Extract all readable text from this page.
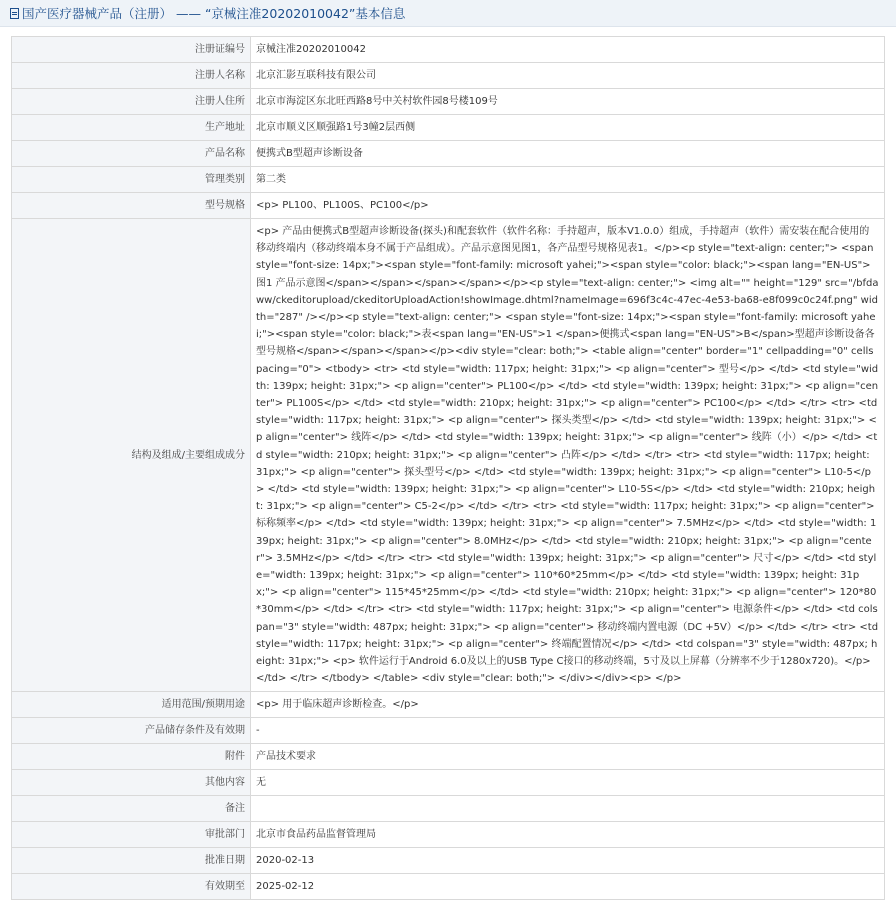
国产医疗器械产品（注册） —— “京械注准20202010042”基本信息
注册证编号	京械注准20202010042
注册人名称	北京汇影互联科技有限公司
注册人住所	北京市海淀区东北旺西路8号中关村软件园8号楼109号
生产地址	北京市顺义区顺强路1号3幢2层西侧
产品名称	便携式B型超声诊断设备
管理类别	第二类
型号规格	<p> PL100、PL100S、PC100</p>
结构及组成/主要组成成分	<p> 产品由便携式B型超声诊断设备(探头)和配套软件（软件名称：手持超声，版本V1.0.0）组成，手持超声（软件）需安装在配合使用的移动终端内（移动终端本身不属于产品组成）。产品示意图见图1，各产品型号规格见表1。</p><p style="text-align: center;"> <span style="font-size: 14px;"><span style="font-family: microsoft yahei;"><span style="color: black;"><span lang="EN-US">图1 产品示意图</span></span></span></span></p><p style="text-align: center;"> <img alt="" height="129" src="/bfdaww/ckeditorupload/ckeditorUploadAction!showImage.dhtml?nameImage=696f3c4c-47ec-4e53-ba68-e8f099c0c24f.png" width="287" /></p><p style="text-align: center;"> <span style="font-size: 14px;"><span style="font-family: microsoft yahei;"><span style="color: black;">表<span lang="EN-US">1 </span>便携式<span lang="EN-US">B</span>型超声诊断设备各型号规格</span></span></span></p><div style="clear: both;"> <table align="center" border="1" cellpadding="0" cellspacing="0"> <tbody> <tr> <td style="width: 117px; height: 31px;"> <p align="center"> 型号</p> </td> <td style="width: 139px; height: 31px;"> <p align="center"> PL100</p> </td> <td style="width: 139px; height: 31px;"> <p align="center"> PL100S</p> </td> <td style="width: 210px; height: 31px;"> <p align="center"> PC100</p> </td> </tr> <tr> <td style="width: 117px; height: 31px;"> <p align="center"> 探头类型</p> </td> <td style="width: 139px; height: 31px;"> <p align="center"> 线阵</p> </td> <td style="width: 139px; height: 31px;"> <p align="center"> 线阵（小）</p> </td> <td style="width: 210px; height: 31px;"> <p align="center"> 凸阵</p> </td> </tr> <tr> <td style="width: 117px; height: 31px;"> <p align="center"> 探头型号</p> </td> <td style="width: 139px; height: 31px;"> <p align="center"> L10-5</p> </td> <td style="width: 139px; height: 31px;"> <p align="center"> L10-5S</p> </td> <td style="width: 210px; height: 31px;"> <p align="center"> C5-2</p> </td> </tr> <tr> <td style="width: 117px; height: 31px;"> <p align="center"> 标称频率</p> </td> <td style="width: 139px; height: 31px;"> <p align="center"> 7.5MHz</p> </td> <td style="width: 139px; height: 31px;"> <p align="center"> 8.0MHz</p> </td> <td style="width: 210px; height: 31px;"> <p align="center"> 3.5MHz</p> </td> </tr> <tr> <td style="width: 139px; height: 31px;"> <p align="center"> 尺寸</p> </td> <td style="width: 139px; height: 31px;"> <p align="center"> 110*60*25mm</p> </td> <td style="width: 139px; height: 31px;"> <p align="center"> 115*45*25mm</p> </td> <td style="width: 210px; height: 31px;"> <p align="center"> 120*80*30mm</p> </td> </tr> <tr> <td style="width: 117px; height: 31px;"> <p align="center"> 电源条件</p> </td> <td colspan="3" style="width: 487px; height: 31px;"> <p align="center"> 移动终端内置电源（DC +5V）</p> </td> </tr> <tr> <td style="width: 117px; height: 31px;"> <p align="center"> 终端配置情况</p> </td> <td colspan="3" style="width: 487px; height: 31px;"> <p> 软件运行于Android 6.0及以上的USB Type C接口的移动终端，5寸及以上屏幕（分辨率不少于1280x720)。</p> </td> </tr> </tbody> </table> <div style="clear: both;"> </div></div><p> </p>
适用范围/预期用途	<p> 用于临床超声诊断检查。</p>
产品储存条件及有效期	-
附件	产品技术要求
其他内容	无
备注	
审批部门	北京市食品药品监督管理局
批准日期	2020-02-13
有效期至	2025-02-12
